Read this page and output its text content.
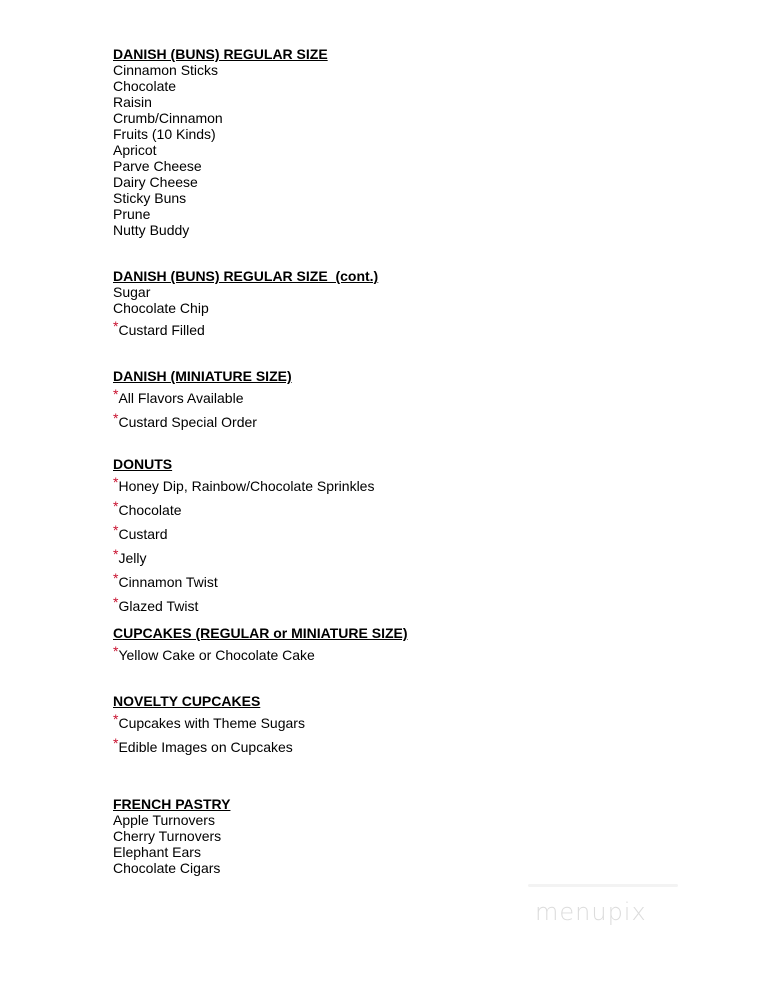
DANISH (BUNS) REGULAR SIZE
Cinnamon Sticks
Chocolate
Raisin
Crumb/Cinnamon
Fruits (10 Kinds)
Apricot
Parve Cheese
Dairy Cheese
Sticky Buns
Prune
Nutty Buddy
DANISH (BUNS) REGULAR SIZE  (cont.)
Sugar
Chocolate Chip
*Custard Filled
DANISH (MINIATURE SIZE)
*All Flavors Available
*Custard Special Order
DONUTS
*Honey Dip, Rainbow/Chocolate Sprinkles
*Chocolate
*Custard
*Jelly
*Cinnamon Twist
*Glazed Twist
CUPCAKES (REGULAR or MINIATURE SIZE)
*Yellow Cake or Chocolate Cake
NOVELTY CUPCAKES
*Cupcakes with Theme Sugars
*Edible Images on Cupcakes
FRENCH PASTRY
Apple Turnovers
Cherry Turnovers
Elephant Ears
Chocolate Cigars
menupix
